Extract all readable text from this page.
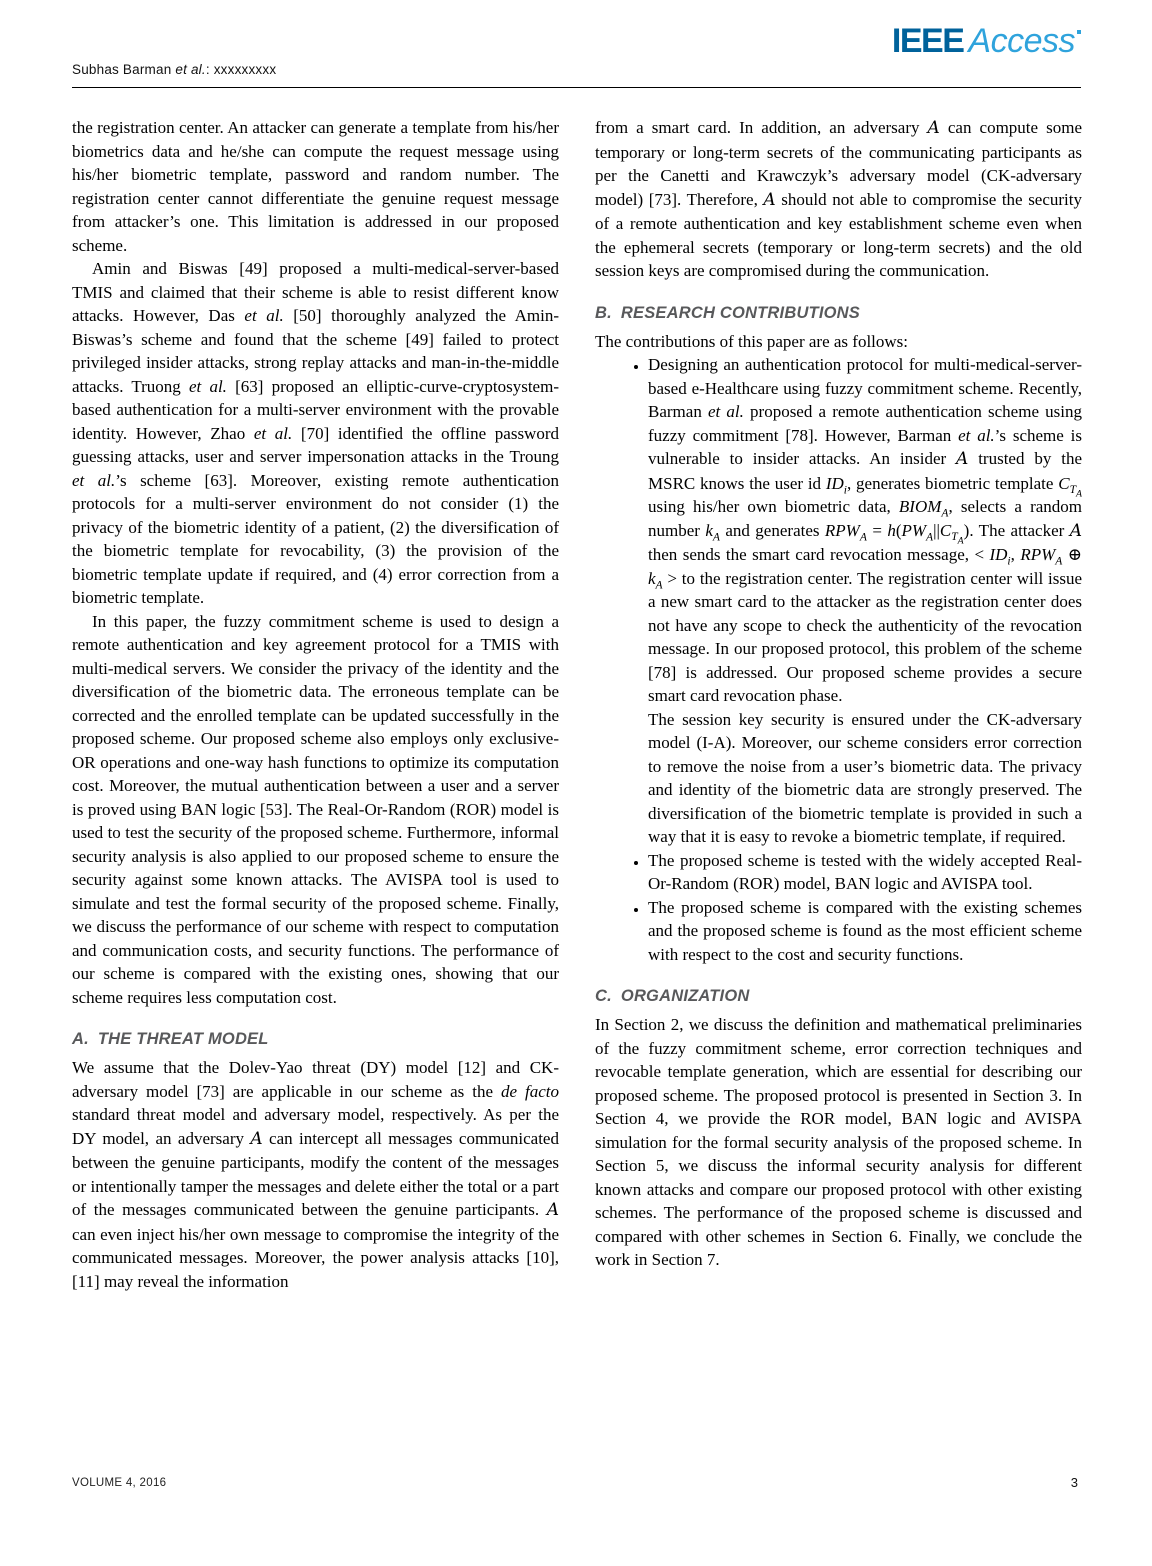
Subhas Barman et al.: xxxxxxxxx
IEEE Access

the registration center. An attacker can generate a template from his/her biometrics data and he/she can compute the request message using his/her biometric template, password and random number. The registration center cannot differentiate the genuine request message from attacker’s one. This limitation is addressed in our proposed scheme.

Amin and Biswas [49] proposed a multi-medical-server-based TMIS and claimed that their scheme is able to resist different know attacks. However, Das et al. [50] thoroughly analyzed the Amin-Biswas’s scheme and found that the scheme [49] failed to protect privileged insider attacks, strong replay attacks and man-in-the-middle attacks. Truong et al. [63] proposed an elliptic-curve-cryptosystem-based authentication for a multi-server environment with the provable identity. However, Zhao et al. [70] identified the offline password guessing attacks, user and server impersonation attacks in the Troung et al.’s scheme [63]. Moreover, existing remote authentication protocols for a multi-server environment do not consider (1) the privacy of the biometric identity of a patient, (2) the diversification of the biometric template for revocability, (3) the provision of the biometric template update if required, and (4) error correction from a biometric template.

In this paper, the fuzzy commitment scheme is used to design a remote authentication and key agreement protocol for a TMIS with multi-medical servers. We consider the privacy of the identity and the diversification of the biometric data. The erroneous template can be corrected and the enrolled template can be updated successfully in the proposed scheme. Our proposed scheme also employs only exclusive-OR operations and one-way hash functions to optimize its computation cost. Moreover, the mutual authentication between a user and a server is proved using BAN logic [53]. The Real-Or-Random (ROR) model is used to test the security of the proposed scheme. Furthermore, informal security analysis is also applied to our proposed scheme to ensure the security against some known attacks. The AVISPA tool is used to simulate and test the formal security of the proposed scheme. Finally, we discuss the performance of our scheme with respect to computation and communication costs, and security functions. The performance of our scheme is compared with the existing ones, showing that our scheme requires less computation cost.

A. THE THREAT MODEL

We assume that the Dolev-Yao threat (DY) model [12] and CK-adversary model [73] are applicable in our scheme as the de facto standard threat model and adversary model, respectively. As per the DY model, an adversary A can intercept all messages communicated between the genuine participants, modify the content of the messages or intentionally tamper the messages and delete either the total or a part of the messages communicated between the genuine participants. A can even inject his/her own message to compromise the integrity of the communicated messages. Moreover, the power analysis attacks [10], [11] may reveal the information

from a smart card. In addition, an adversary A can compute some temporary or long-term secrets of the communicating participants as per the Canetti and Krawczyk’s adversary model (CK-adversary model) [73]. Therefore, A should not able to compromise the security of a remote authentication and key establishment scheme even when the ephemeral secrets (temporary or long-term secrets) and the old session keys are compromised during the communication.

B. RESEARCH CONTRIBUTIONS

The contributions of this paper are as follows:

• Designing an authentication protocol for multi-medical-server-based e-Healthcare using fuzzy commitment scheme. Recently, Barman et al. proposed a remote authentication scheme using fuzzy commitment [78]. However, Barman et al.’s scheme is vulnerable to insider attacks. An insider A trusted by the MSRC knows the user id $ID_i$, generates biometric template $C_{T_A}$ using his/her own biometric data, $BIOM_A$, selects a random number $k_A$ and generates $RPW_A = h(PW_A||C_{T_A})$. The attacker A then sends the smart card revocation message, < $ID_i$, $RPW_A$ ⊕ $k_A$ > to the registration center. The registration center will issue a new smart card to the attacker as the registration center does not have any scope to check the authenticity of the revocation message. In our proposed protocol, this problem of the scheme [78] is addressed. Our proposed scheme provides a secure smart card revocation phase.

The session key security is ensured under the CK-adversary model (I-A). Moreover, our scheme considers error correction to remove the noise from a user’s biometric data. The privacy and identity of the biometric data are strongly preserved. The diversification of the biometric template is provided in such a way that it is easy to revoke a biometric template, if required.

• The proposed scheme is tested with the widely accepted Real-Or-Random (ROR) model, BAN logic and AVISPA tool.

• The proposed scheme is compared with the existing schemes and the proposed scheme is found as the most efficient scheme with respect to the cost and security functions.

C. ORGANIZATION

In Section 2, we discuss the definition and mathematical preliminaries of the fuzzy commitment scheme, error correction techniques and revocable template generation, which are essential for describing our proposed scheme. The proposed protocol is presented in Section 3. In Section 4, we provide the ROR model, BAN logic and AVISPA simulation for the formal security analysis of the proposed scheme. In Section 5, we discuss the informal security analysis for different known attacks and compare our proposed protocol with other existing schemes. The performance of the proposed scheme is discussed and compared with other schemes in Section 6. Finally, we conclude the work in Section 7.

VOLUME 4, 2016	3
